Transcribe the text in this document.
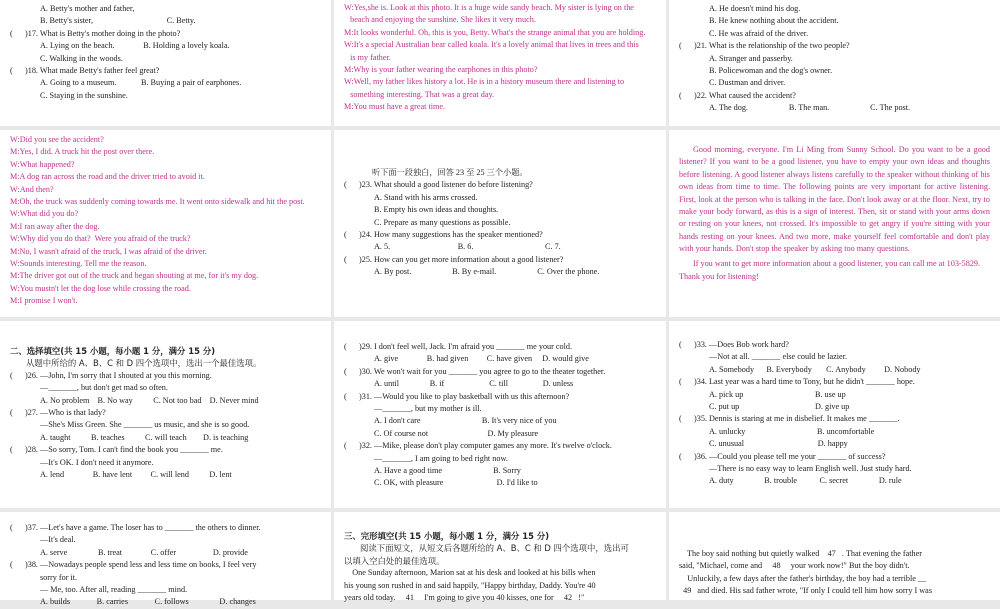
A. Betty's mother and father,
B. Betty's sister,                                    C. Betty.
(      )17. What is Betty's mother doing in the photo?
A. Lying on the beach.              B. Holding a lovely koala.
C. Walking in the woods.
(      )18. What made Betty's father feel great?
A. Going to a museum.            B. Buying a pair of earphones.
C. Staying in the sunshine.
W:Yes,she is. Look at this photo. It is a huge wide sandy beach. My sister is lying on the
beach and enjoying the sunshine. She likes it very much.
M:It looks wonderful. Oh, this is you, Betty. What's the strange animal that you are holding.
W:It's a special Australian bear called koala. It's a lovely animal that lives in trees and this
is my father.
M:Why is your father wearing the earphones in this photo?
W:Well, my father likes history a lot. He is in a history museum there and listening to
something interesting. That was a great day.
M:You must have a great time.
A. He doesn't mind his dog.
B. He knew nothing about the accident.
C. He was afraid of the driver.
(      )21. What is the relationship of the two people?
A. Stranger and passerby.
B. Policewoman and the dog's owner.
C. Dustman and driver.
(      )22. What caused the accident?
A. The dog.                    B. The man.                    C. The post.
W:Did you see the accident?
M:Yes, I did. A truck hit the post over there.
W:What happened?
M:A dog ran across the road and the driver tried to avoid it.
W:And then?
M:Oh, the truck was suddenly coming towards me. It went onto sidewalk and hit the post.
W:What did you do?
M:I ran away after the dog.
W:Why did you do that?  Were you afraid of the truck?
M:No, I wasn't afraid of the truck, I was afraid of the driver.
W:Sounds interesting. Tell me the reason.
M:The driver got out of the truck and began shouting at me, for it's my dog.
W:You mustn't let the dog lose while crossing the road.
M:I promise I won't.
听下面一段独白，回答 23 至 25 三个小题。
(      )23. What should a good listener do before listening?
A. Stand with his arms crossed.
B. Empty his own ideas and thoughts.
C. Prepare as many questions as possible.
(      )24. How many suggestions has the speaker mentioned?
A. 5.                                 B. 6.                                   C. 7.
(      )25. How can you get more information about a good listener?
A. By post.                    B. By e-mail.                    C. Over the phone.
Good morning, everyone. I'm Li Ming from Sunny School. Do you want to be a good listener? If you want to be a good listener, you have to empty your own ideas and thoughts before listening. A good listener always listens carefully to the speaker without thinking of his own ideas from time to time. The following points are very important for active listening. First, look at the person who is talking in the face. Don't look away or at the floor. Next, try to make your body forward, as this is a sign of interest. Then, sit or stand with your arms down or resting on your knees, not crossed. It's impossible to get angry if you're sitting with your hands resting on your knees. And two more, make yourself feel comfortable and don't play with your hands. Don't stop the speaker by asking too many questions.
If you want to get more information about a good listener, you can call me at 103-5829.
Thank you for listening!
二、选择填空(共 15 小题，每小题 1 分，满分 15 分)
从题中所给的 A、B、C 和 D 四个选项中，选出一个最佳选项。
(      )26. —John, I'm sorry that I shouted at you this morning.
—_______, but don't get mad so often.
A. No problem    B. No way          C. Not too bad    D. Never mind
(      )27. —Who is that lady?
—She's Miss Green. She _______ us music, and she is so good.
A. taught          B. teaches          C. will teach        D. is teaching
(      )28. —So sorry, Tom. I can't find the book you _______ me.
—It's OK. I don't need it anymore.
A. lend              B. have lent         C. will lend          D. lent
(      )29. I don't feel well, Jack. I'm afraid you _______ me your cold.
A. give              B. had given         C. have given     D. would give
(      )30. We won't wait for you _______ you agree to go to the theater together.
A. until               B. if                      C. till                 D. unless
(      )31. —Would you like to play basketball with us this afternoon?
—_______, but my mother is ill.
A. I don't care                              B. It's very nice of you
C. Of course not                             D. My pleasure
(      )32. —Mike, please don't play computer games any more. It's twelve o'clock.
—_______, I am going to bed right now.
A. Have a good time                         B. Sorry
C. OK, with pleasure                          D. I'd like to
(      )33. —Does Bob work hard?
—Not at all. _______ else could be lazier.
A. Somebody      B. Everybody       C. Anybody         D. Nobody
(      )34. Last year was a hard time to Tony, but he didn't _______ hope.
A. pick up                                   B. use up
C. put up                                     D. give up
(      )35. Dennis is staring at me in disbelief. It makes me _______.
A. unlucky                                   B. uncomfortable
C. unusual                                    D. happy
(      )36. —Could you please tell me your _______ of success?
—There is no easy way to learn English well. Just study hard.
A. duty               B. trouble           C. secret               D. rule
(      )37. —Let's have a game. The loser has to _______ the others to dinner.
—It's deal.
A. serve               B. treat              C. offer                  D. provide
(      )38. —Nowadays people spend less and less time on books, I feel very
sorry for it.
— Me, too. After all, reading _______ mind.
A. builds             B. carries             C. follows               D. changes
三、完形填空(共 15 小题，每小题 1 分，满分 15 分)
阅读下面短文，从短文后各题所给的 A、B、C 和 D 四个选项中，选出可
以填入空白处的最佳选项。
One Sunday afternoon, Marion sat at his desk and looked at his bills when
his young son rushed in and said happily, "Happy birthday, Daddy. You're 40
years old today.     41     I'm going to give you 40 kisses, one for     42   !"
The boy said nothing but quietly walked    47   . That evening the father
said, "Michael, come and     48     your work now!" But the boy didn't.
Unluckily, a few days after the father's birthday, the boy had a terrible __
49   and died. His sad father wrote, "If only I could tell him how sorry I was
